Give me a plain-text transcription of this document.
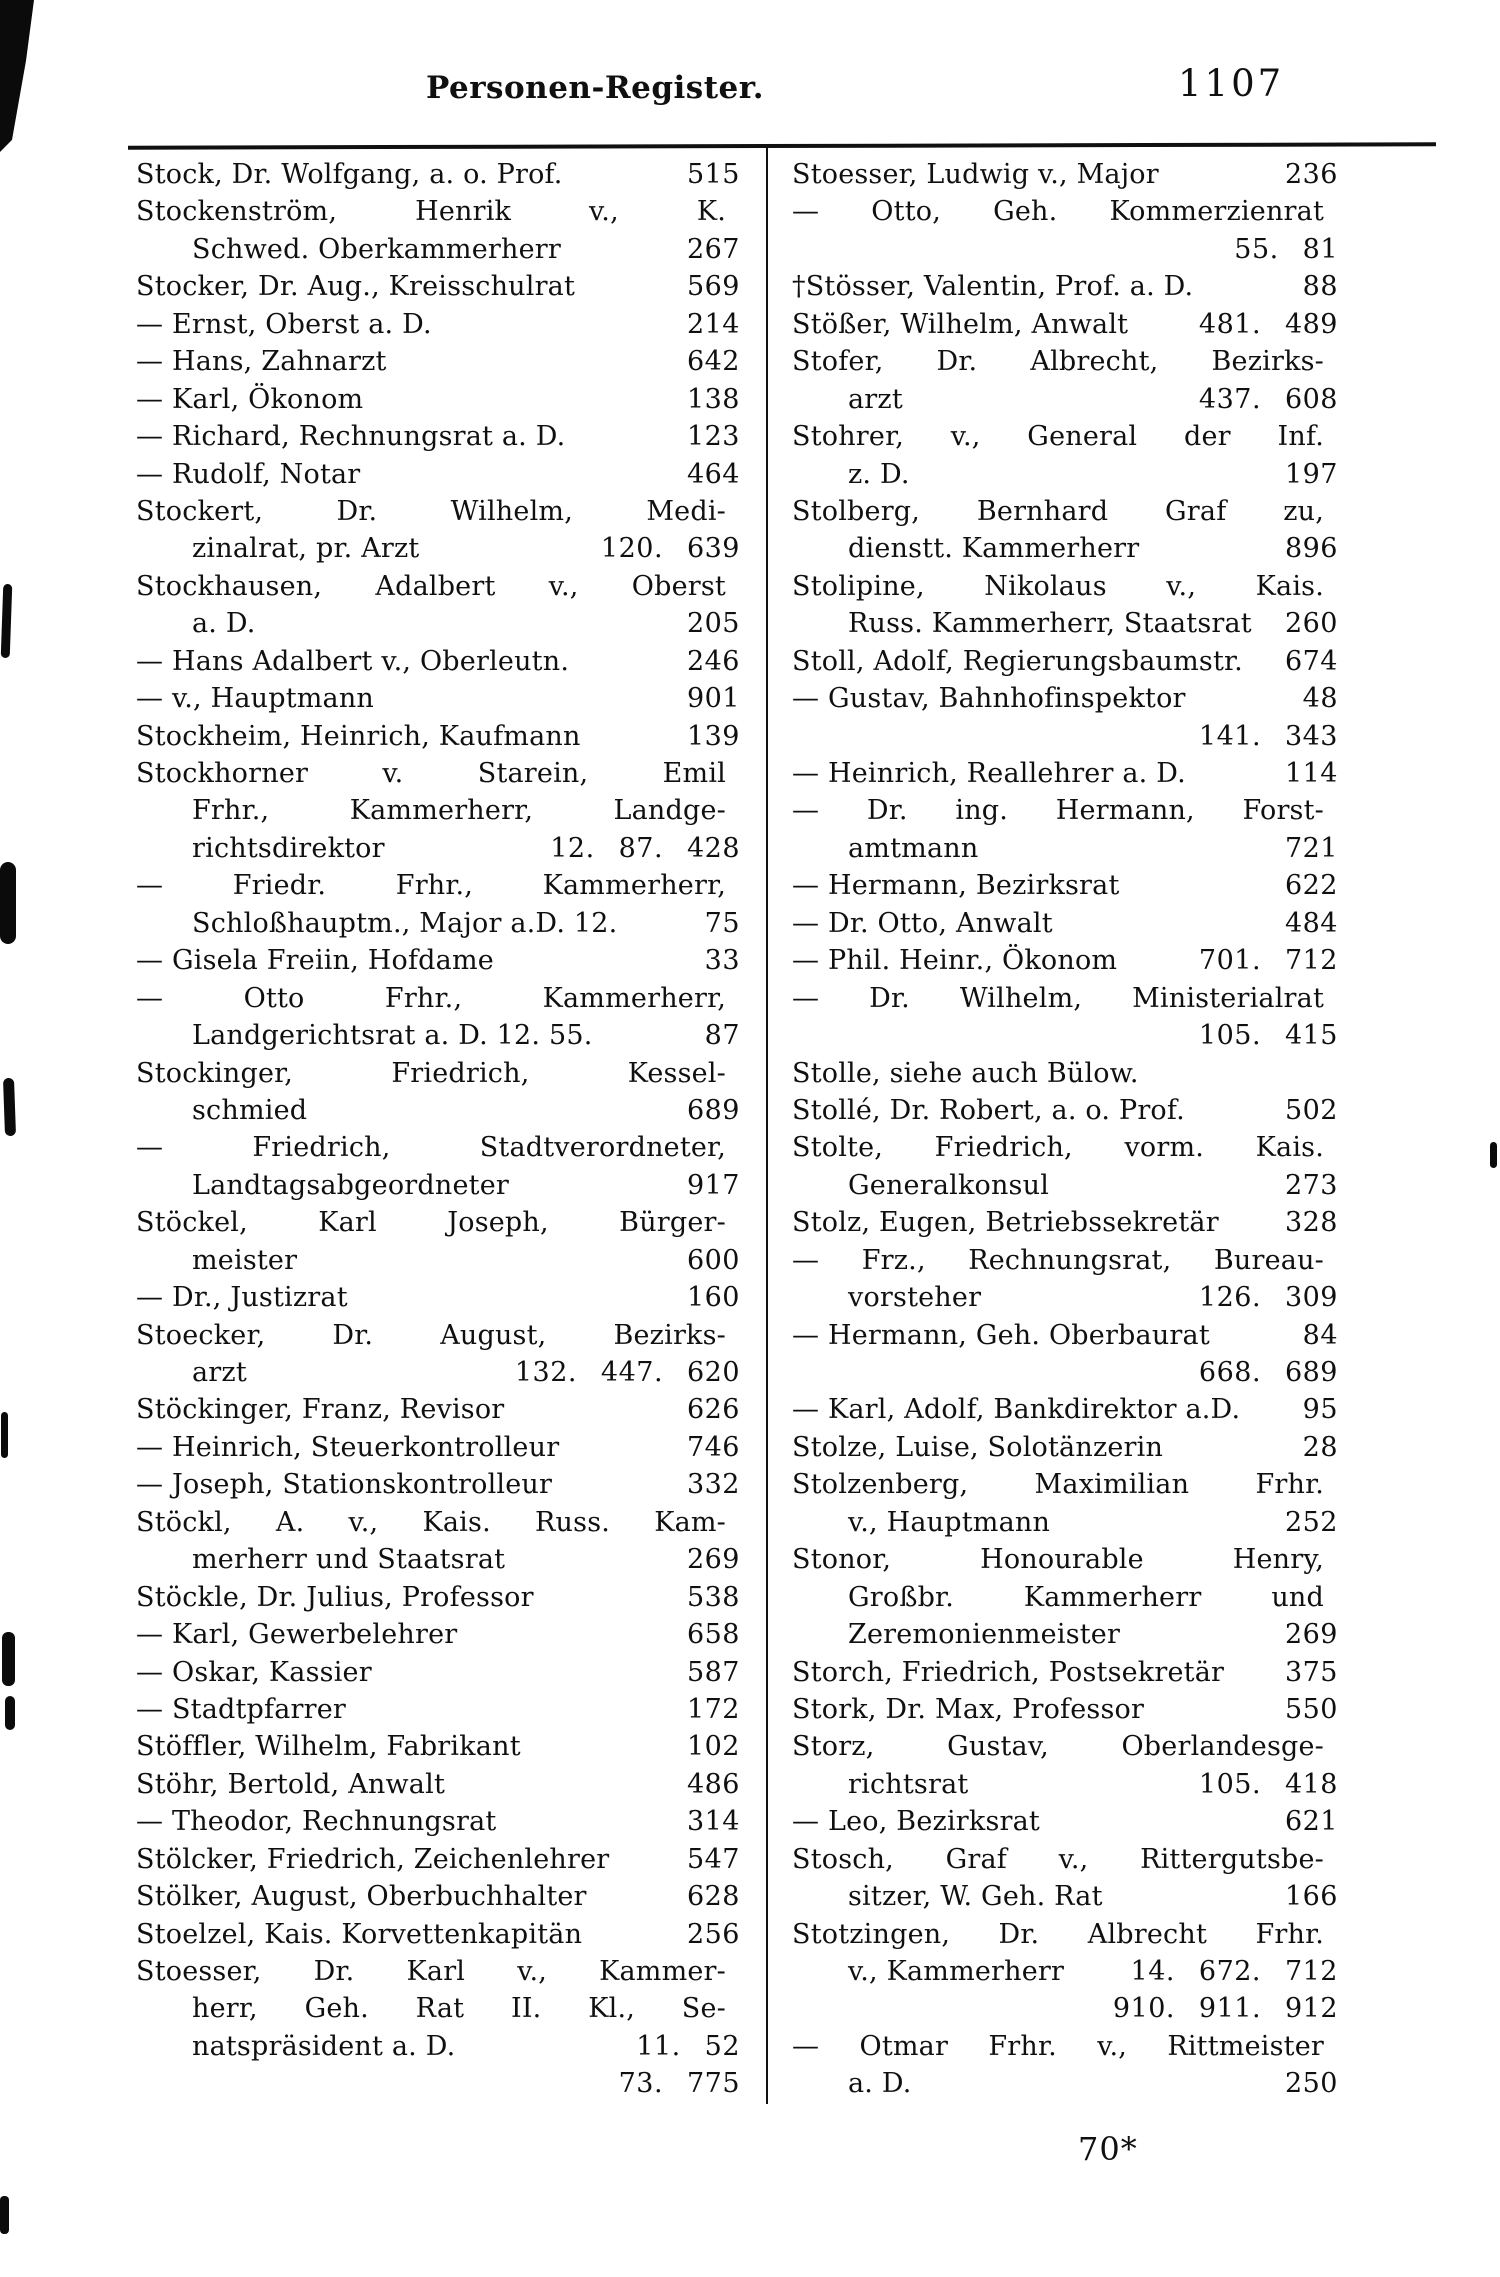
Personen-Register.	1107
Stock, Dr. Wolfgang, a. o. Prof.	515
Stockenström, Henrik v., K.
Schwed. Oberkammerherr	267
Stocker, Dr. Aug., Kreisschulrat	569
— Ernst, Oberst a. D.	214
— Hans, Zahnarzt	642
— Karl, Ökonom	138
— Richard, Rechnungsrat a. D.	123
— Rudolf, Notar	464
Stockert, Dr. Wilhelm, Medi-
zinalrat, pr. Arzt	120. 639
Stockhausen, Adalbert v., Oberst
a. D.	205
— Hans Adalbert v., Oberleutn.	246
— v., Hauptmann	901
Stockheim, Heinrich, Kaufmann	139
Stockhorner v. Starein, Emil
Frhr., Kammerherr, Landge-
richtsdirektor	12. 87. 428
— Friedr. Frhr., Kammerherr,
Schloßhauptm., Major a.D. 12.	75
— Gisela Freiin, Hofdame	33
— Otto Frhr., Kammerherr,
Landgerichtsrat a. D. 12. 55.	87
Stockinger, Friedrich, Kessel-
schmied	689
— Friedrich, Stadtverordneter,
Landtagsabgeordneter	917
Stöckel, Karl Joseph, Bürger-
meister	600
— Dr., Justizrat	160
Stoecker, Dr. August, Bezirks-
arzt	132. 447. 620
Stöckinger, Franz, Revisor	626
— Heinrich, Steuerkontrolleur	746
— Joseph, Stationskontrolleur	332
Stöckl, A. v., Kais. Russ. Kam-
merherr und Staatsrat	269
Stöckle, Dr. Julius, Professor	538
— Karl, Gewerbelehrer	658
— Oskar, Kassier	587
— Stadtpfarrer	172
Stöffler, Wilhelm, Fabrikant	102
Stöhr, Bertold, Anwalt	486
— Theodor, Rechnungsrat	314
Stölcker, Friedrich, Zeichenlehrer	547
Stölker, August, Oberbuchhalter	628
Stoelzel, Kais. Korvettenkapitän	256
Stoesser, Dr. Karl v., Kammer-
herr, Geh. Rat II. Kl., Se-
natspräsident a. D.	11. 52
73. 775
Stoesser, Ludwig v., Major	236
— Otto, Geh. Kommerzienrat
55. 81
†Stösser, Valentin, Prof. a. D.	88
Stößer, Wilhelm, Anwalt	481. 489
Stofer, Dr. Albrecht, Bezirks-
arzt	437. 608
Stohrer, v., General der Inf.
z. D.	197
Stolberg, Bernhard Graf zu,
dienstt. Kammerherr	896
Stolipine, Nikolaus v., Kais.
Russ. Kammerherr, Staatsrat	260
Stoll, Adolf, Regierungsbaumstr.	674
— Gustav, Bahnhofinspektor	48
141. 343
— Heinrich, Reallehrer a. D.	114
— Dr. ing. Hermann, Forst-
amtmann	721
— Hermann, Bezirksrat	622
— Dr. Otto, Anwalt	484
— Phil. Heinr., Ökonom	701. 712
— Dr. Wilhelm, Ministerialrat
105. 415
Stolle, siehe auch Bülow.
Stollé, Dr. Robert, a. o. Prof.	502
Stolte, Friedrich, vorm. Kais.
Generalkonsul	273
Stolz, Eugen, Betriebssekretär	328
— Frz., Rechnungsrat, Bureau-
vorsteher	126. 309
— Hermann, Geh. Oberbaurat	84
668. 689
— Karl, Adolf, Bankdirektor a.D.	95
Stolze, Luise, Solotänzerin	28
Stolzenberg, Maximilian Frhr.
v., Hauptmann	252
Stonor, Honourable Henry,
Großbr. Kammerherr und
Zeremonienmeister	269
Storch, Friedrich, Postsekretär	375
Stork, Dr. Max, Professor	550
Storz, Gustav, Oberlandesge-
richtsrat	105. 418
— Leo, Bezirksrat	621
Stosch, Graf v., Rittergutsbe-
sitzer, W. Geh. Rat	166
Stotzingen, Dr. Albrecht Frhr.
v., Kammerherr	14. 672. 712
910. 911. 912
— Otmar Frhr. v., Rittmeister
a. D.	250
70*
